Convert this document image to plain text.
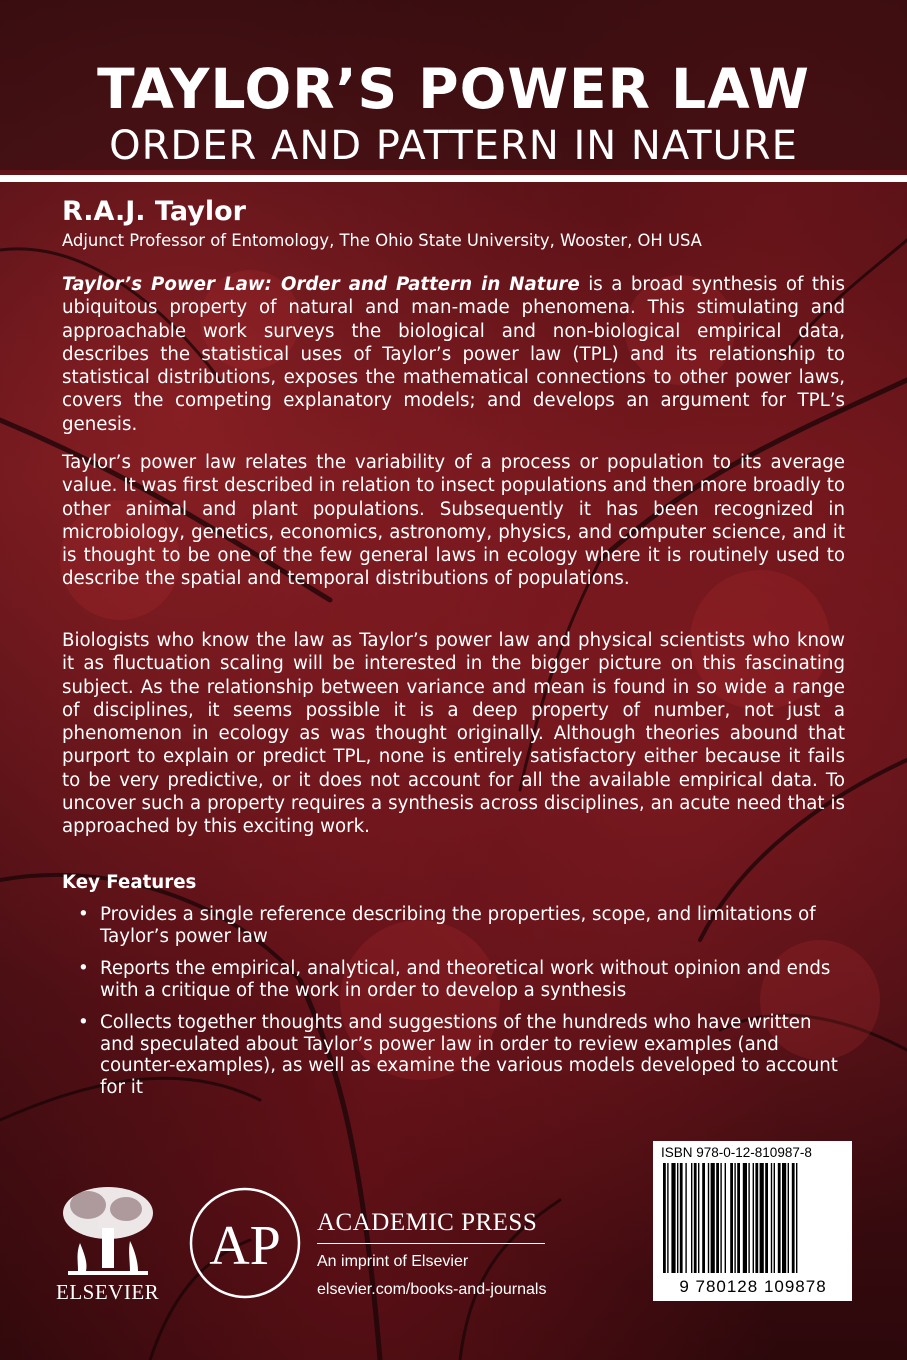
TAYLOR’S POWER LAW
ORDER AND PATTERN IN NATURE
R.A.J. Taylor
Adjunct Professor of Entomology, The Ohio State University, Wooster, OH USA

Taylor’s Power Law: Order and Pattern in Nature is a broad synthesis of this ubiquitous property of natural and man-made phenomena. This stimulating and approachable work surveys the biological and non-biological empirical data, describes the statistical uses of Taylor’s power law (TPL) and its relationship to statistical distributions, exposes the mathematical connections to other power laws, covers the competing explanatory models; and develops an argument for TPL’s genesis.

Taylor’s power law relates the variability of a process or population to its average value. It was first described in relation to insect populations and then more broadly to other animal and plant populations. Subsequently it has been recognized in microbiology, genetics, economics, astronomy, physics, and computer science, and it is thought to be one of the few general laws in ecology where it is routinely used to describe the spatial and temporal distributions of populations.

Biologists who know the law as Taylor’s power law and physical scientists who know it as fluctuation scaling will be interested in the bigger picture on this fascinating subject. As the relationship between variance and mean is found in so wide a range of disciplines, it seems possible it is a deep property of number, not just a phenomenon in ecology as was thought originally. Although theories abound that purport to explain or predict TPL, none is entirely satisfactory either because it fails to be very predictive, or it does not account for all the available empirical data. To uncover such a property requires a synthesis across disciplines, an acute need that is approached by this exciting work.

Key Features
• Provides a single reference describing the properties, scope, and limitations of Taylor’s power law
• Reports the empirical, analytical, and theoretical work without opinion and ends with a critique of the work in order to develop a synthesis
• Collects together thoughts and suggestions of the hundreds who have written and speculated about Taylor’s power law in order to review examples (and counter-examples), as well as examine the various models developed to account for it
ELSEVIER
AP ACADEMIC PRESS
An imprint of Elsevier
elsevier.com/books-and-journals
ISBN 978-0-12-810987-8
9 780128 109878
